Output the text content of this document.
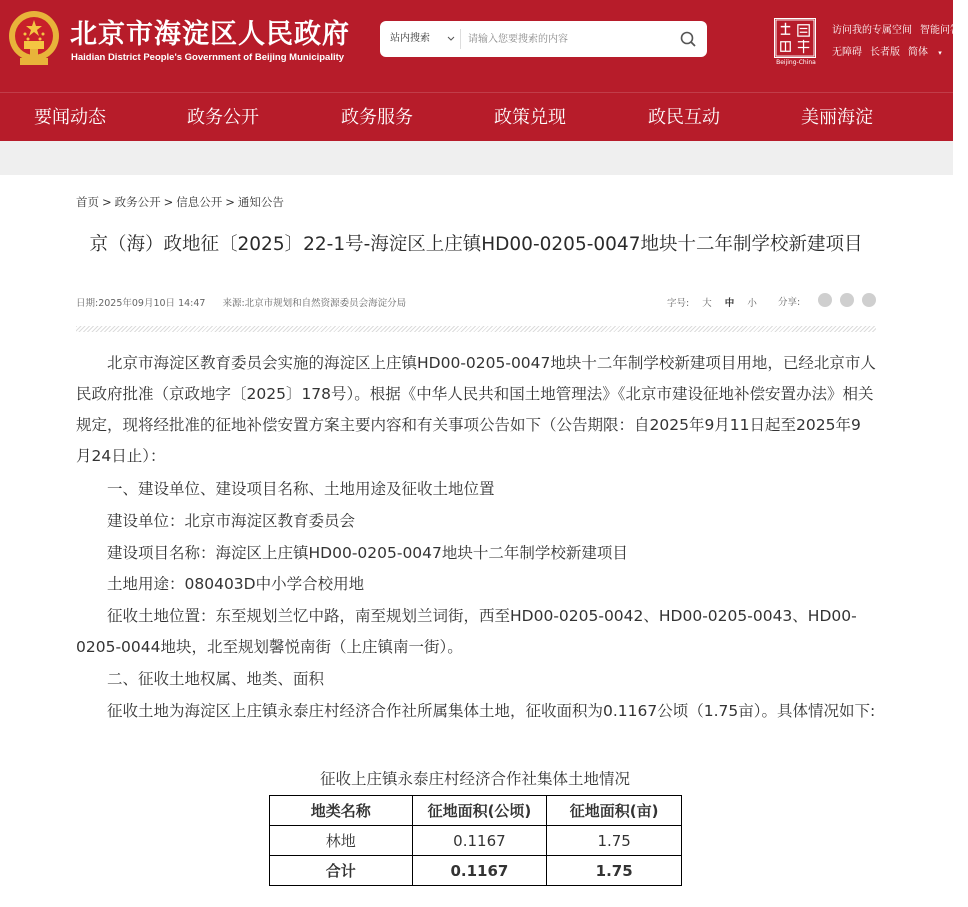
北京市海淀区人民政府
Haidian District People's Government of Beijing Municipality
站内搜索
请输入您要搜索的内容
Beijing-China
访问我的专属空间 智能问答
无障碍 长者版 简体 ▾
要闻动态	政务公开	政务服务	政策兑现	政民互动	美丽海淀
首页 > 政务公开 > 信息公开 > 通知公告
京（海）政地征〔2025〕22-1号-海淀区上庄镇HD00-0205-0047地块十二年制学校新建项目
日期:2025年09月10日 14:47 来源:北京市规划和自然资源委员会海淀分局	字号: 大 中 小 分享:
北京市海淀区教育委员会实施的海淀区上庄镇HD00-0205-0047地块十二年制学校新建项目用地，已经北京市人民政府批准（京政地字〔2025〕178号）。根据《中华人民共和国土地管理法》《北京市建设征地补偿安置办法》相关规定，现将经批准的征地补偿安置方案主要内容和有关事项公告如下（公告期限：自2025年9月11日起至2025年9月24日止）：
一、建设单位、建设项目名称、土地用途及征收土地位置
建设单位：北京市海淀区教育委员会
建设项目名称：海淀区上庄镇HD00-0205-0047地块十二年制学校新建项目
土地用途：080403D中小学合校用地
征收土地位置：东至规划兰忆中路，南至规划兰词街，西至HD00-0205-0042、HD00-0205-0043、HD00-0205-0044地块，北至规划馨悦南街（上庄镇南一街）。
二、征收土地权属、地类、面积
征收土地为海淀区上庄镇永泰庄村经济合作社所属集体土地，征收面积为0.1167公顷（1.75亩）。具体情况如下:
征收上庄镇永泰庄村经济合作社集体土地情况
地类名称	征地面积(公顷)	征地面积(亩)
林地	0.1167	1.75
合计	0.1167	1.75
